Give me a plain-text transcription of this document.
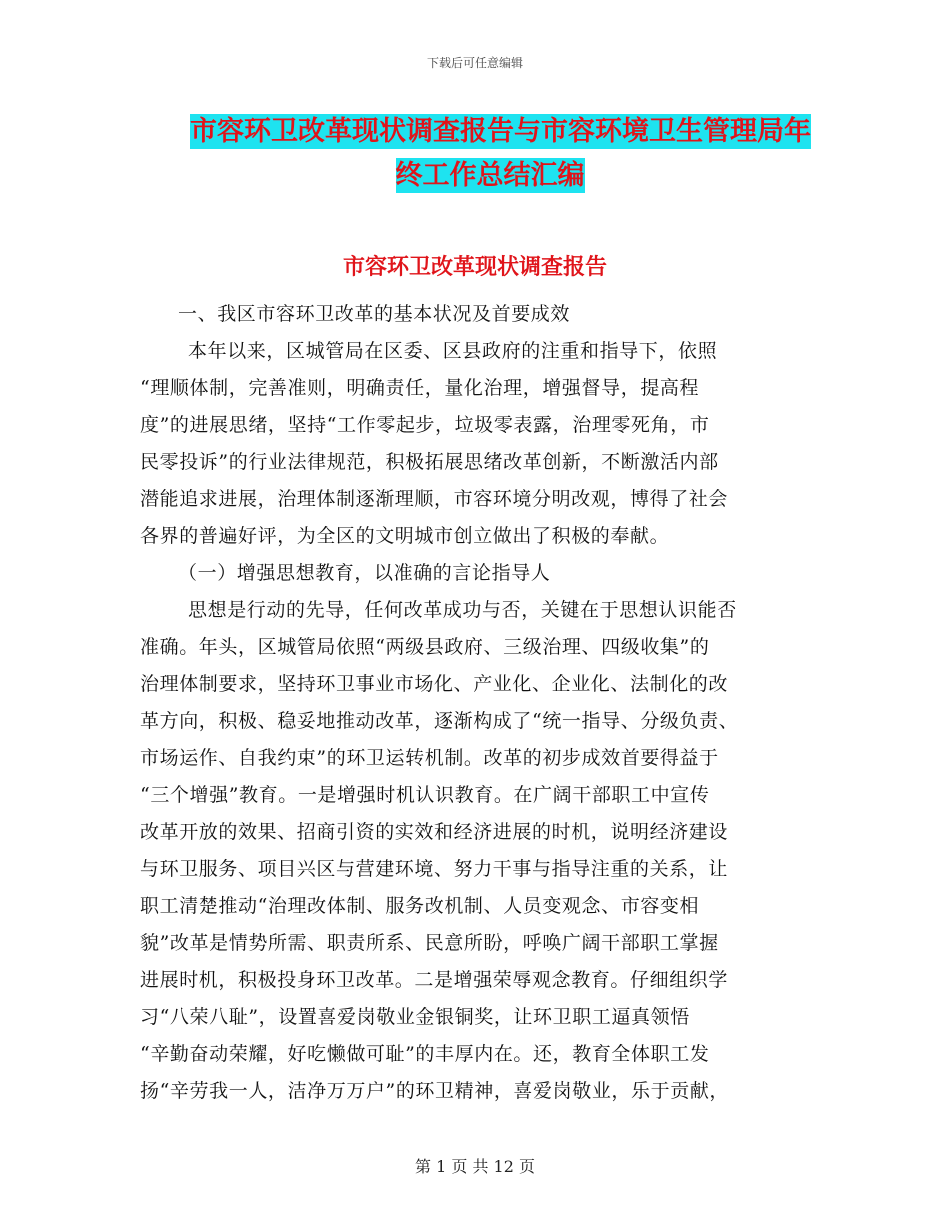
下载后可任意编辑
市容环卫改革现状调查报告与市容环境卫生管理局年
终工作总结汇编
市容环卫改革现状调查报告
一、我区市容环卫改革的基本状况及首要成效
本年以来，区城管局在区委、区县政府的注重和指导下，依照
“理顺体制，完善准则，明确责任，量化治理，增强督导，提高程
度”的进展思绪，坚持“工作零起步，垃圾零表露，治理零死角，市
民零投诉”的行业法律规范，积极拓展思绪改革创新，不断激活内部
潜能追求进展，治理体制逐渐理顺，市容环境分明改观，博得了社会
各界的普遍好评，为全区的文明城市创立做出了积极的奉献。
（一）增强思想教育，以准确的言论指导人
思想是行动的先导，任何改革成功与否，关键在于思想认识能否
准确。年头，区城管局依照“两级县政府、三级治理、四级收集”的
治理体制要求，坚持环卫事业市场化、产业化、企业化、法制化的改
革方向，积极、稳妥地推动改革，逐渐构成了“统一指导、分级负责、
市场运作、自我约束”的环卫运转机制。改革的初步成效首要得益于
“三个增强”教育。一是增强时机认识教育。在广阔干部职工中宣传
改革开放的效果、招商引资的实效和经济进展的时机，说明经济建设
与环卫服务、项目兴区与营建环境、努力干事与指导注重的关系，让
职工清楚推动“治理改体制、服务改机制、人员变观念、市容变相
貌”改革是情势所需、职责所系、民意所盼，呼唤广阔干部职工掌握
进展时机，积极投身环卫改革。二是增强荣辱观念教育。仔细组织学
习“八荣八耻”，设置喜爱岗敬业金银铜奖，让环卫职工逼真领悟
“辛勤奋动荣耀，好吃懒做可耻”的丰厚内在。还，教育全体职工发
扬“辛劳我一人，洁净万万户”的环卫精神，喜爱岗敬业，乐于贡献，
第 1 页 共 12 页
